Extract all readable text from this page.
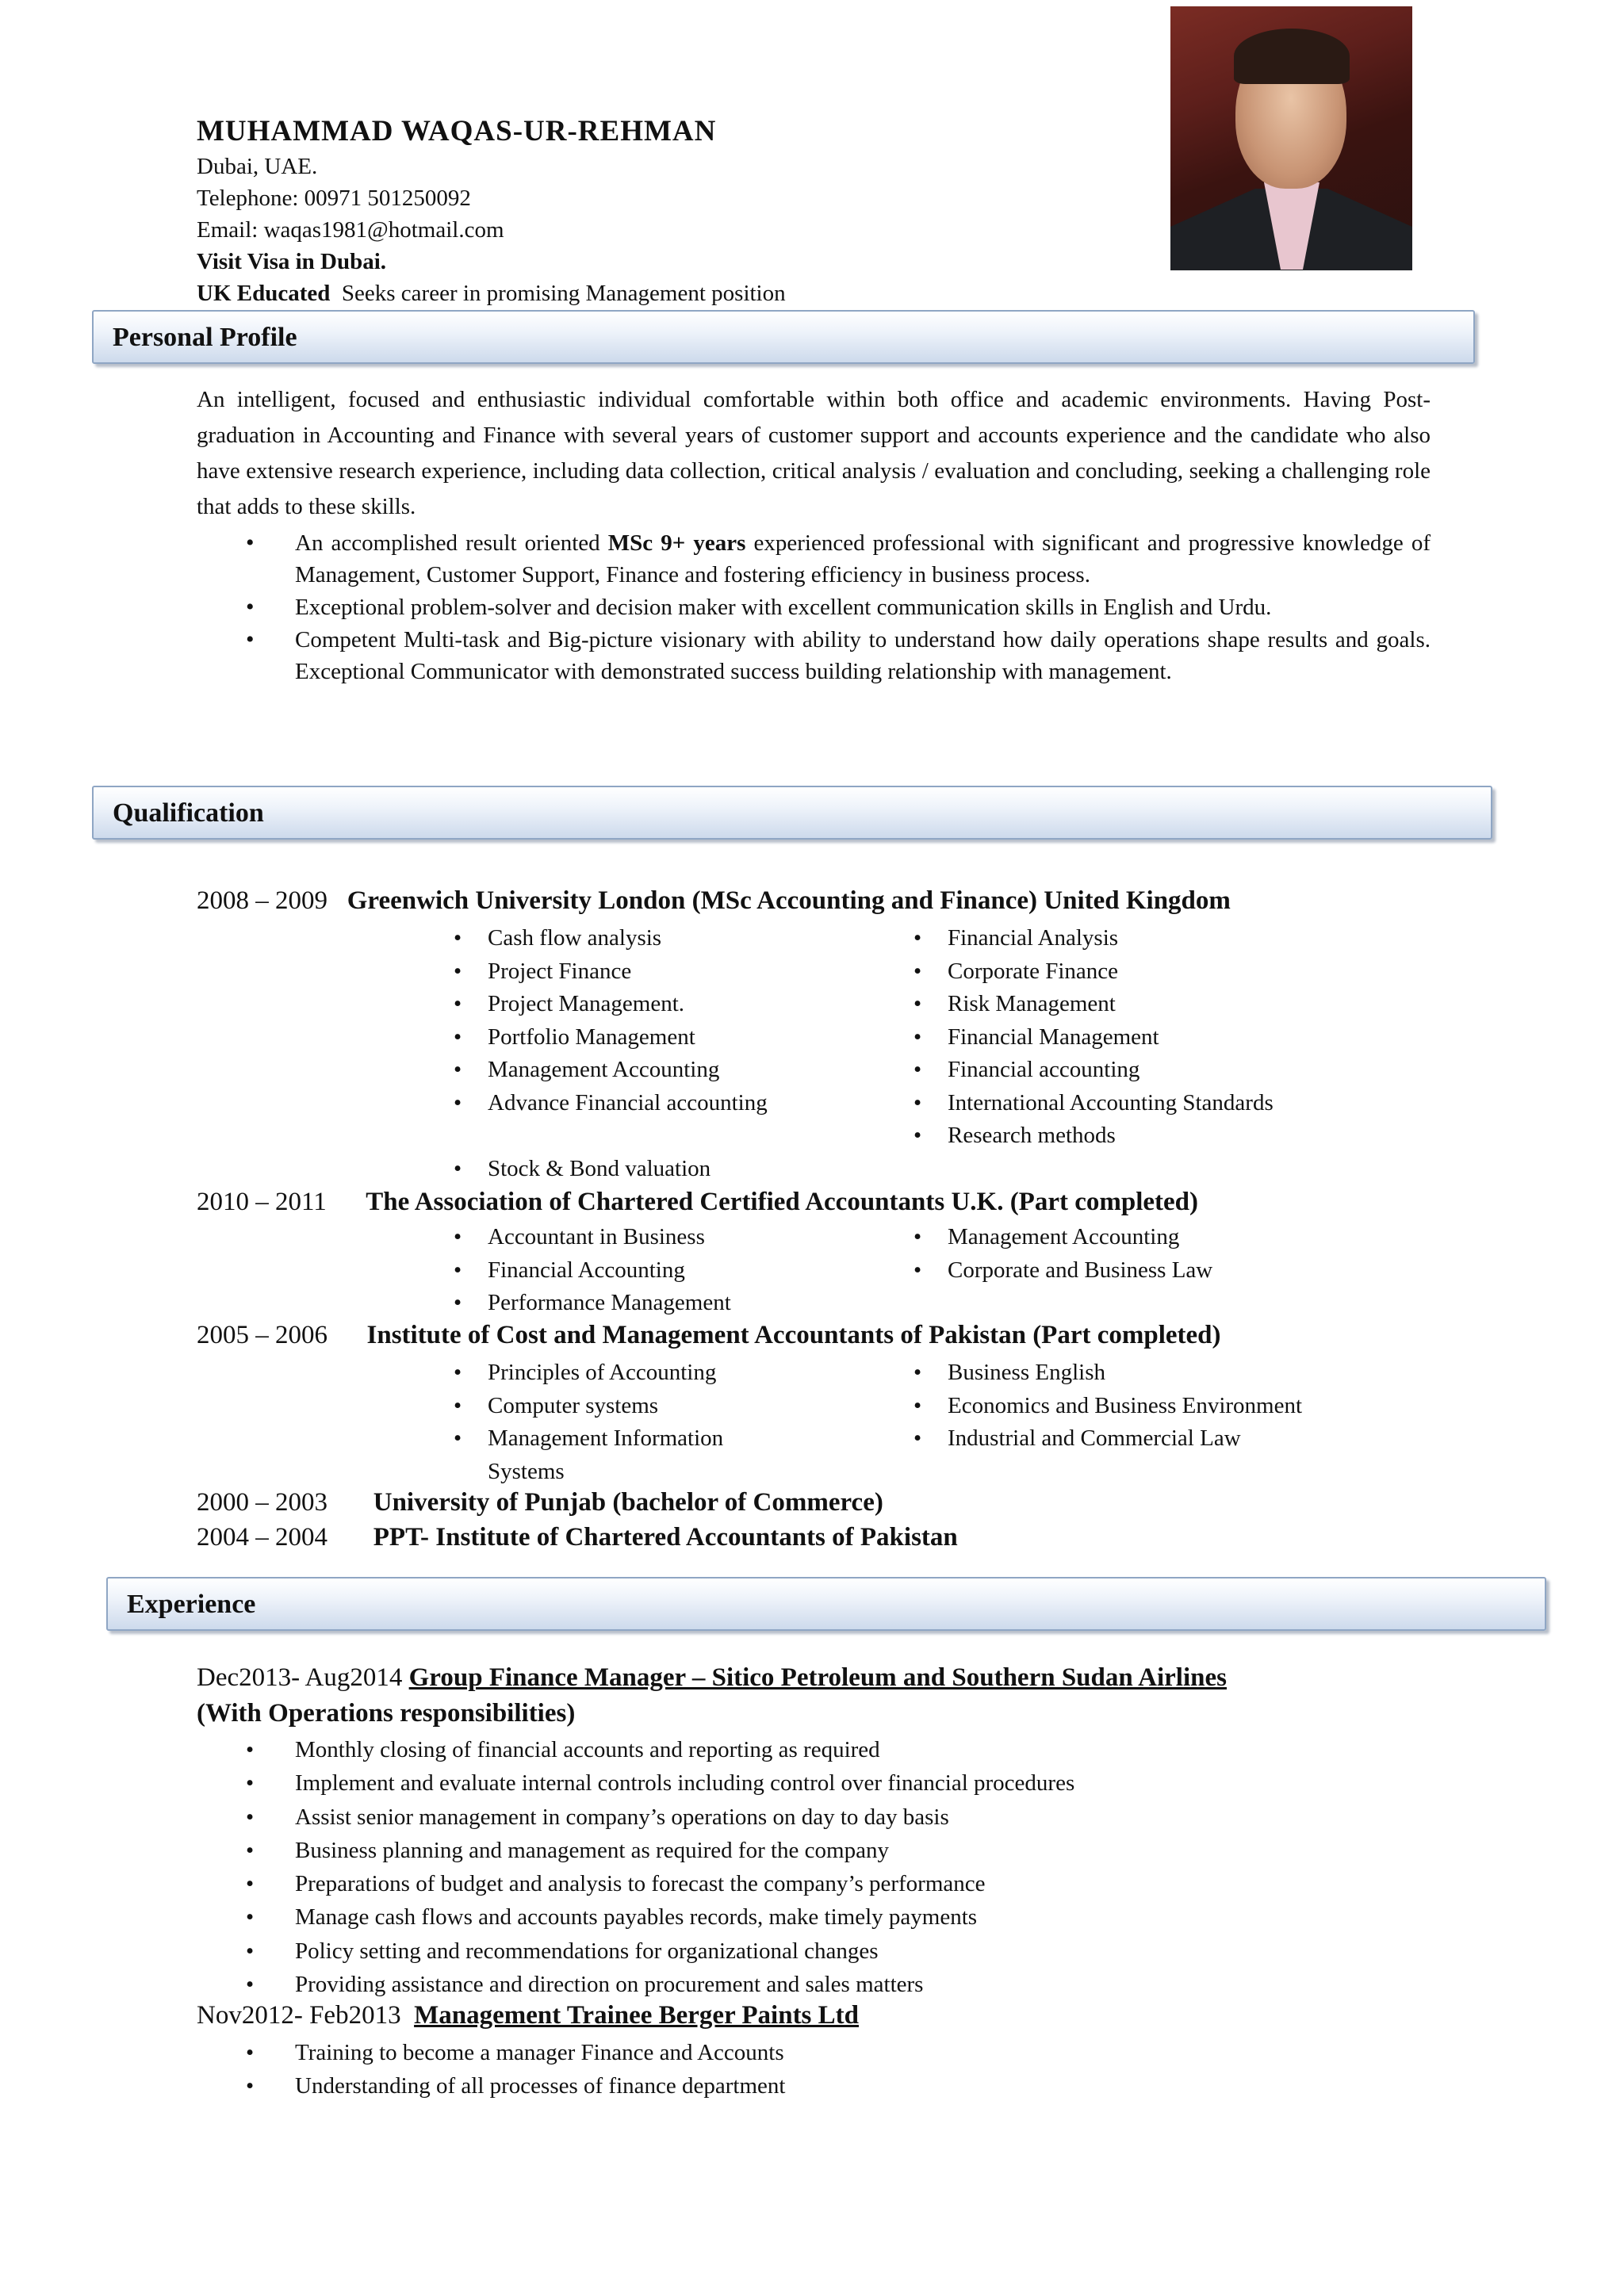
MUHAMMAD WAQAS-UR-REHMAN
Dubai, UAE.
Telephone: 00971 501250092
Email: waqas1981@hotmail.com
Visit Visa in Dubai.
UK Educated  Seeks career in promising Management position
Personal Profile
An intelligent, focused and enthusiastic individual comfortable within both office and academic environments. Having Post-graduation in Accounting and Finance with several years of customer support and accounts experience and the candidate who also have extensive research experience, including data collection, critical analysis / evaluation and concluding, seeking a challenging role that adds to these skills.
• An accomplished result oriented MSc 9+ years experienced professional with significant and progressive knowledge of Management, Customer Support, Finance and fostering efficiency in business process.
• Exceptional problem-solver and decision maker with excellent communication skills in English and Urdu.
• Competent Multi-task and Big-picture visionary with ability to understand how daily operations shape results and goals. Exceptional Communicator with demonstrated success building relationship with management.
Qualification
2008 – 2009 Greenwich University London (MSc Accounting and Finance) United Kingdom
• Cash flow analysis
• Project Finance
• Project Management.
• Portfolio Management
• Management Accounting
• Advance Financial accounting
• Stock & Bond valuation
• Financial Analysis
• Corporate Finance
• Risk Management
• Financial Management
• Financial accounting
• International Accounting Standards
• Research methods
2010 – 2011 The Association of Chartered Certified Accountants U.K. (Part completed)
• Accountant in Business
• Financial Accounting
• Performance Management
• Management Accounting
• Corporate and Business Law
2005 – 2006 Institute of Cost and Management Accountants of Pakistan (Part completed)
• Principles of Accounting
• Computer systems
• Management Information Systems
• Business English
• Economics and Business Environment
• Industrial and Commercial Law
2000 – 2003 University of Punjab (bachelor of Commerce)
2004 – 2004 PPT- Institute of Chartered Accountants of Pakistan
Experience
Dec2013- Aug2014 Group Finance Manager – Sitico Petroleum and Southern Sudan Airlines
(With Operations responsibilities)
• Monthly closing of financial accounts and reporting as required
• Implement and evaluate internal controls including control over financial procedures
• Assist senior management in company’s operations on day to day basis
• Business planning and management as required for the company
• Preparations of budget and analysis to forecast the company’s performance
• Manage cash flows and accounts payables records, make timely payments
• Policy setting and recommendations for organizational changes
• Providing assistance and direction on procurement and sales matters
Nov2012- Feb2013  Management Trainee Berger Paints Ltd
• Training to become a manager Finance and Accounts
• Understanding of all processes of finance department
